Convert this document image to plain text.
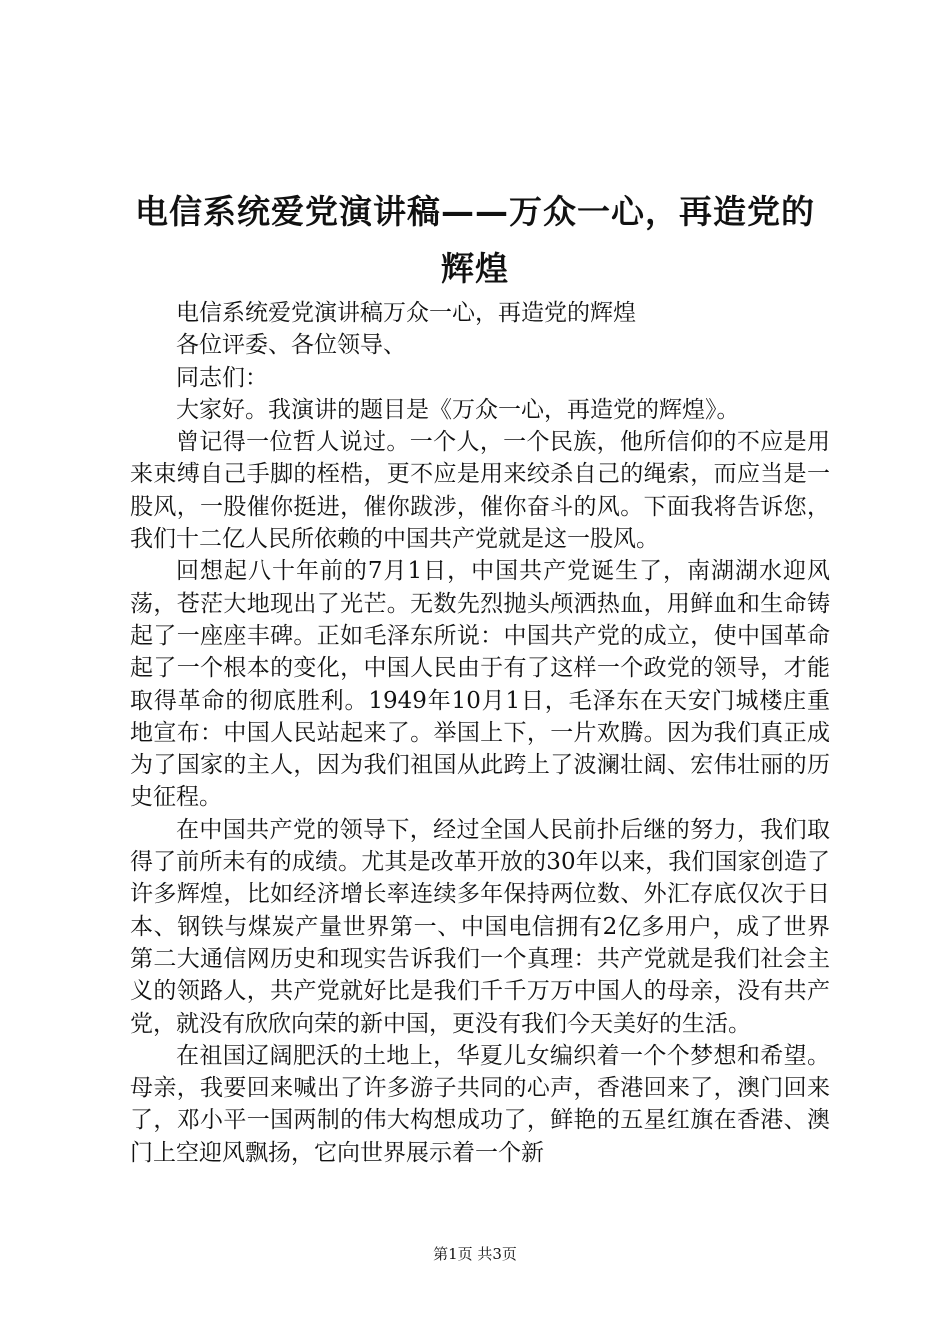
电信系统爱党演讲稿——万众一心，再造党的
辉煌

电信系统爱党演讲稿万众一心，再造党的辉煌

各位评委、各位领导、

同志们：

大家好。我演讲的题目是《万众一心，再造党的辉煌》。

曾记得一位哲人说过。一个人，一个民族，他所信仰的不应是用来束缚自己手脚的桎梏，更不应是用来绞杀自己的绳索，而应当是一股风，一股催你挺进，催你跋涉，催你奋斗的风。下面我将告诉您，我们十二亿人民所依赖的中国共产党就是这一股风。

回想起八十年前的7月1日，中国共产党诞生了，南湖湖水迎风荡，苍茫大地现出了光芒。无数先烈抛头颅洒热血，用鲜血和生命铸起了一座座丰碑。正如毛泽东所说：中国共产党的成立，使中国革命起了一个根本的变化，中国人民由于有了这样一个政党的领导，才能取得革命的彻底胜利。1949年10月1日，毛泽东在天安门城楼庄重地宣布：中国人民站起来了。举国上下，一片欢腾。因为我们真正成为了国家的主人，因为我们祖国从此跨上了波澜壮阔、宏伟壮丽的历史征程。

在中国共产党的领导下，经过全国人民前扑后继的努力，我们取得了前所未有的成绩。尤其是改革开放的30年以来，我们国家创造了许多辉煌，比如经济增长率连续多年保持两位数、外汇存底仅次于日本、钢铁与煤炭产量世界第一、中国电信拥有2亿多用户，成了世界第二大通信网历史和现实告诉我们一个真理：共产党就是我们社会主义的领路人，共产党就好比是我们千千万万中国人的母亲，没有共产党，就没有欣欣向荣的新中国，更没有我们今天美好的生活。

在祖国辽阔肥沃的土地上，华夏儿女编织着一个个梦想和希望。母亲，我要回来喊出了许多游子共同的心声，香港回来了，澳门回来了，邓小平一国两制的伟大构想成功了，鲜艳的五星红旗在香港、澳门上空迎风飘扬，它向世界展示着一个新

第1页 共3页
